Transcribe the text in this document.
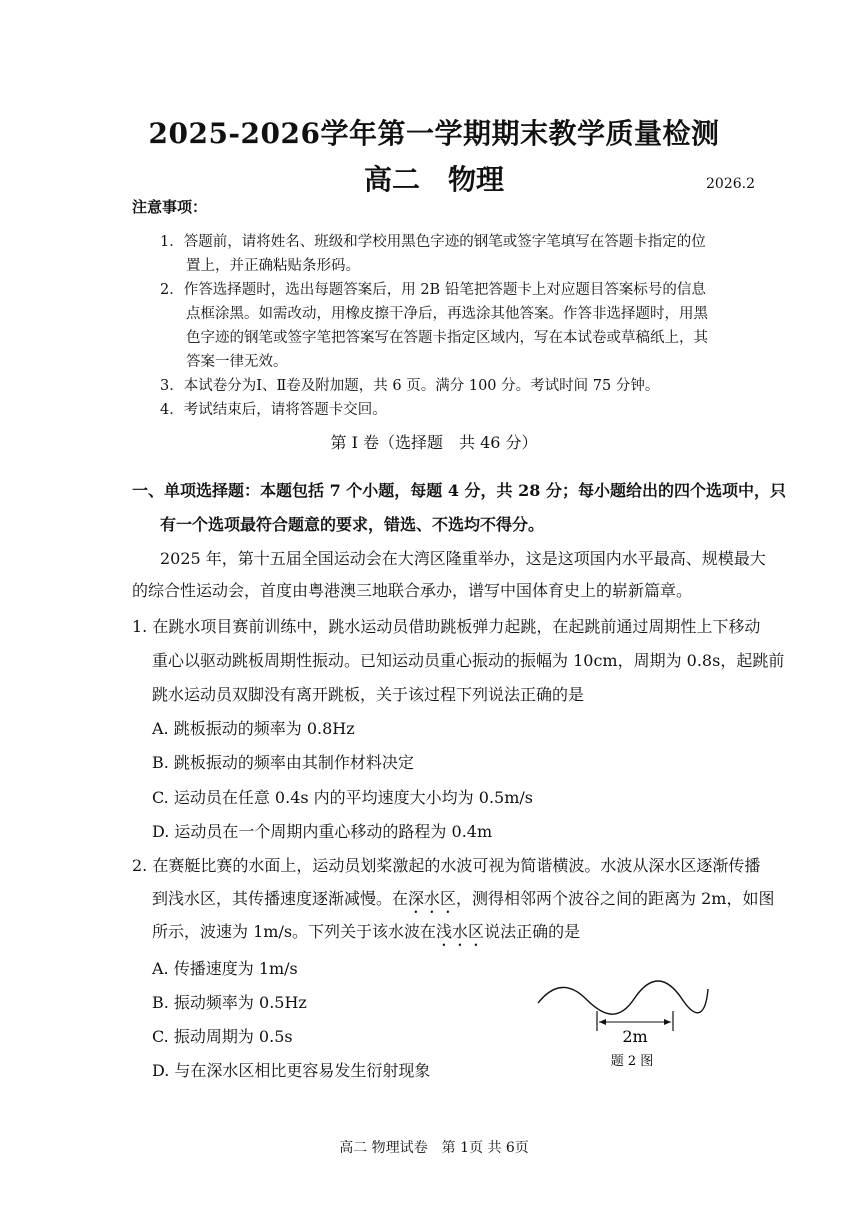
2025-2026学年第一学期期末教学质量检测
高二　物理	2026.2
注意事项：
1．答题前，请将姓名、班级和学校用黑色字迹的钢笔或签字笔填写在答题卡指定的位
置上，并正确粘贴条形码。
2．作答选择题时，选出每题答案后，用 2B 铅笔把答题卡上对应题目答案标号的信息
点框涂黑。如需改动，用橡皮擦干净后，再选涂其他答案。作答非选择题时，用黑
色字迹的钢笔或签字笔把答案写在答题卡指定区域内，写在本试卷或草稿纸上，其
答案一律无效。
3．本试卷分为Ⅰ、Ⅱ卷及附加题，共 6 页。满分 100 分。考试时间 75 分钟。
4．考试结束后，请将答题卡交回。
第 I 卷（选择题　共 46 分）
一、单项选择题：本题包括 7 个小题，每题 4 分，共 28 分；每小题给出的四个选项中，只
有一个选项最符合题意的要求，错选、不选均不得分。
2025 年，第十五届全国运动会在大湾区隆重举办，这是这项国内水平最高、规模最大
的综合性运动会，首度由粤港澳三地联合承办，谱写中国体育史上的崭新篇章。
1. 在跳水项目赛前训练中，跳水运动员借助跳板弹力起跳，在起跳前通过周期性上下移动
重心以驱动跳板周期性振动。已知运动员重心振动的振幅为 10cm，周期为 0.8s，起跳前
跳水运动员双脚没有离开跳板，关于该过程下列说法正确的是
A. 跳板振动的频率为 0.8Hz
B. 跳板振动的频率由其制作材料决定
C. 运动员在任意 0.4s 内的平均速度大小均为 0.5m/s
D. 运动员在一个周期内重心移动的路程为 0.4m
2. 在赛艇比赛的水面上，运动员划桨激起的水波可视为简谐横波。水波从深水区逐渐传播
到浅水区，其传播速度逐渐减慢。在深水区，测得相邻两个波谷之间的距离为 2m，如图
所示，波速为 1m/s。下列关于该水波在浅水区说法正确的是
A. 传播速度为 1m/s
B. 振动频率为 0.5Hz
C. 振动周期为 0.5s
D. 与在深水区相比更容易发生衍射现象
2m
题 2 图
高二 物理试卷　第 1页 共 6页
